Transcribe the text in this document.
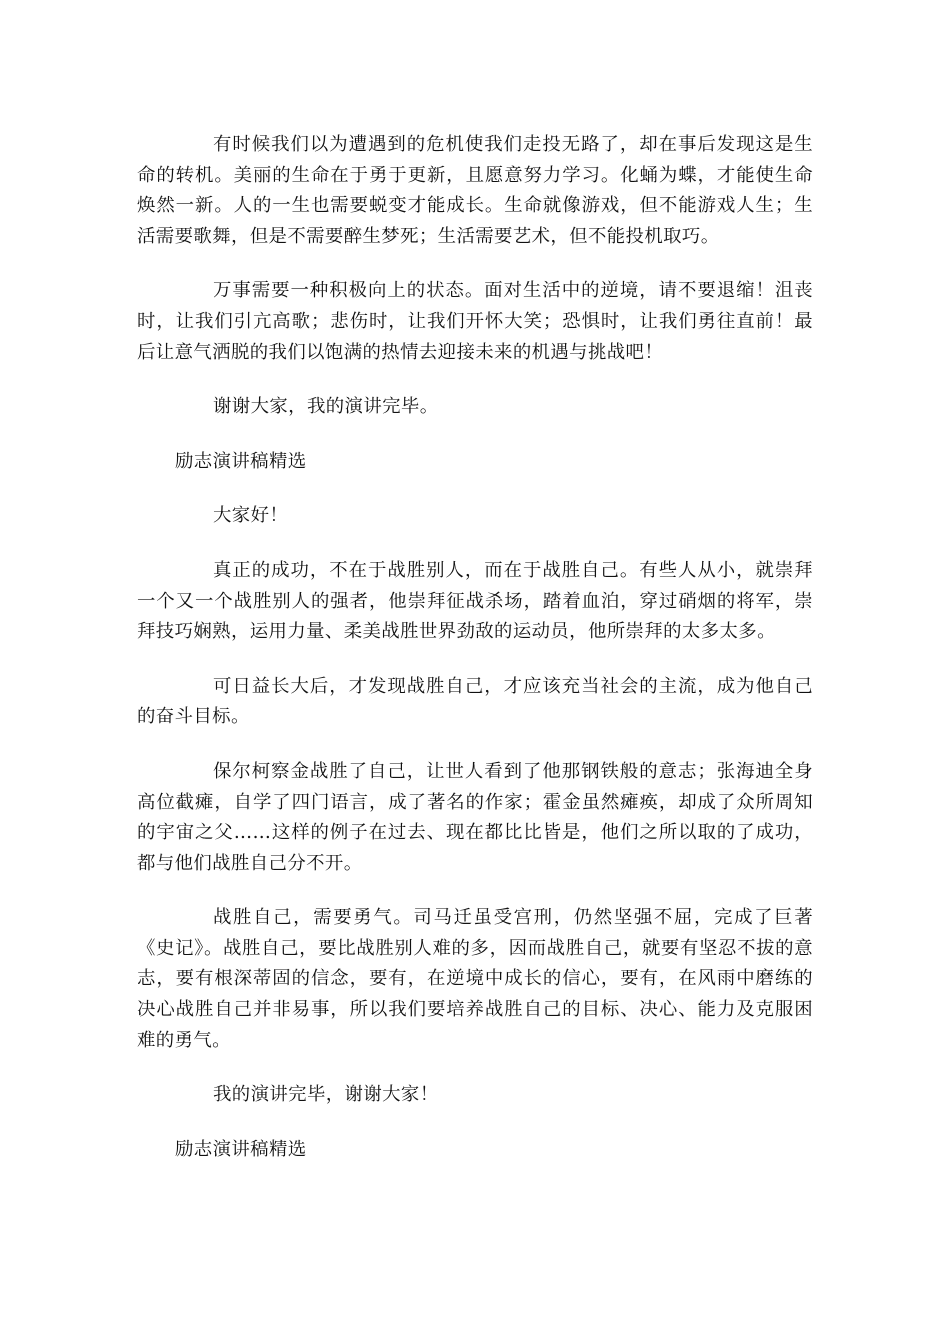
有时候我们以为遭遇到的危机使我们走投无路了，却在事后发现这是生命的转机。美丽的生命在于勇于更新，且愿意努力学习。化蛹为蝶，才能使生命焕然一新。人的一生也需要蜕变才能成长。生命就像游戏，但不能游戏人生；生活需要歌舞，但是不需要醉生梦死；生活需要艺术，但不能投机取巧。

万事需要一种积极向上的状态。面对生活中的逆境，请不要退缩！沮丧时，让我们引亢高歌；悲伤时，让我们开怀大笑；恐惧时，让我们勇往直前！最后让意气洒脱的我们以饱满的热情去迎接未来的机遇与挑战吧！

谢谢大家，我的演讲完毕。

励志演讲稿精选

大家好！

真正的成功，不在于战胜别人，而在于战胜自己。有些人从小，就崇拜一个又一个战胜别人的强者，他崇拜征战杀场，踏着血泊，穿过硝烟的将军，崇拜技巧娴熟，运用力量、柔美战胜世界劲敌的运动员，他所崇拜的太多太多。

可日益长大后，才发现战胜自己，才应该充当社会的主流，成为他自己的奋斗目标。

保尔柯察金战胜了自己，让世人看到了他那钢铁般的意志；张海迪全身高位截瘫，自学了四门语言，成了著名的作家；霍金虽然瘫痪，却成了众所周知的宇宙之父……这样的例子在过去、现在都比比皆是，他们之所以取的了成功，都与他们战胜自己分不开。

战胜自己，需要勇气。司马迁虽受宫刑，仍然坚强不屈，完成了巨著《史记》。战胜自己，要比战胜别人难的多，因而战胜自己，就要有坚忍不拔的意志，要有根深蒂固的信念，要有，在逆境中成长的信心，要有，在风雨中磨练的决心战胜自己并非易事，所以我们要培养战胜自己的目标、决心、能力及克服困难的勇气。

我的演讲完毕，谢谢大家！

励志演讲稿精选
